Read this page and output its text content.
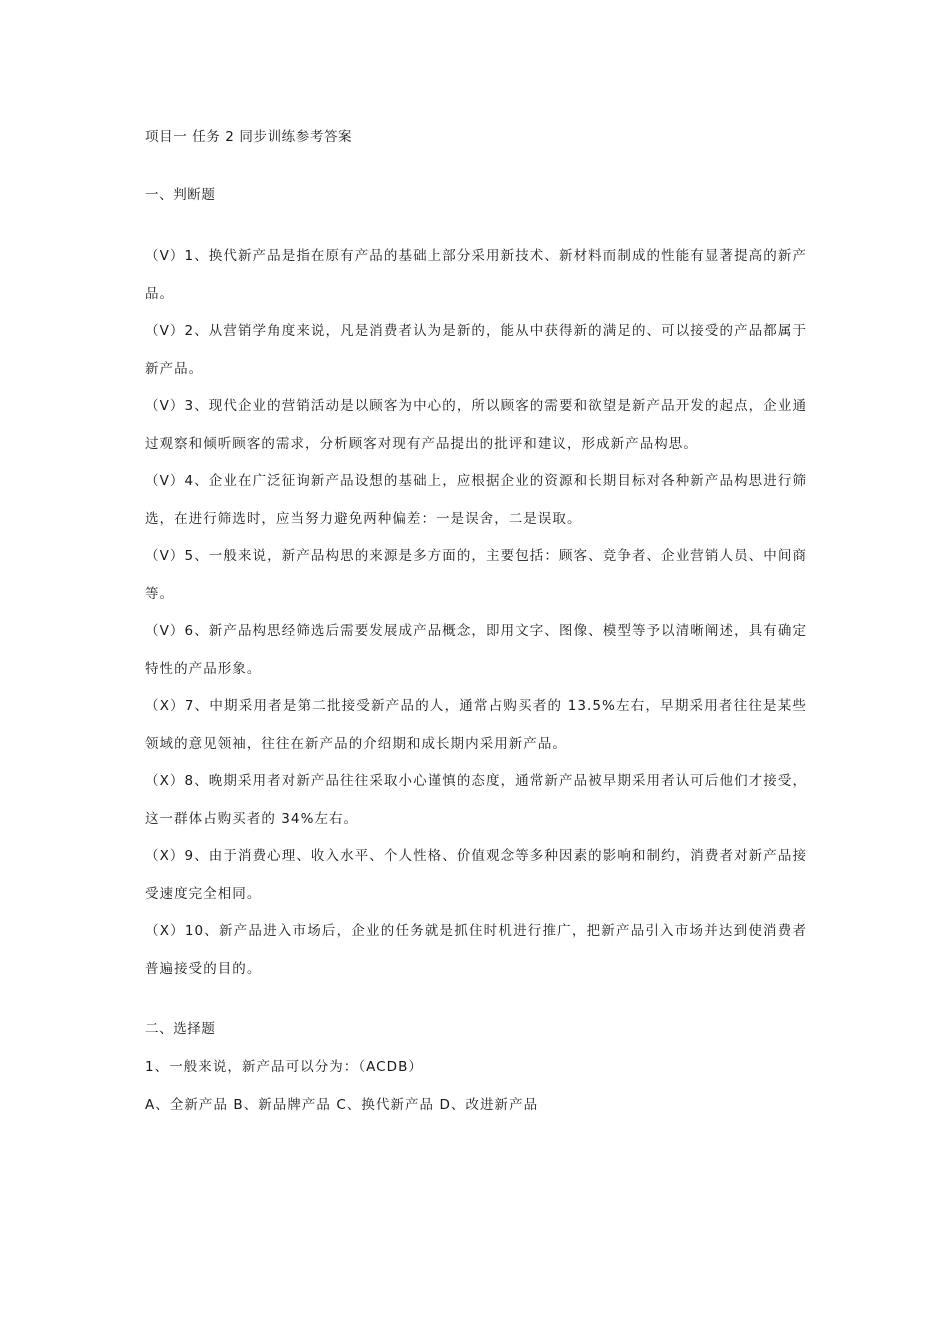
项目一 任务 2 同步训练参考答案

一、判断题

（V）1、换代新产品是指在原有产品的基础上部分采用新技术、新材料而制成的性能有显著提高的新产品。
（V）2、从营销学角度来说，凡是消费者认为是新的，能从中获得新的满足的、可以接受的产品都属于新产品。
（V）3、现代企业的营销活动是以顾客为中心的，所以顾客的需要和欲望是新产品开发的起点，企业通过观察和倾听顾客的需求，分析顾客对现有产品提出的批评和建议，形成新产品构思。
（V）4、企业在广泛征询新产品设想的基础上，应根据企业的资源和长期目标对各种新产品构思进行筛选，在进行筛选时，应当努力避免两种偏差：一是误舍，二是误取。
（V）5、一般来说，新产品构思的来源是多方面的，主要包括：顾客、竞争者、企业营销人员、中间商等。
（V）6、新产品构思经筛选后需要发展成产品概念，即用文字、图像、模型等予以清晰阐述，具有确定特性的产品形象。
（X）7、中期采用者是第二批接受新产品的人，通常占购买者的 13.5%左右，早期采用者往往是某些领域的意见领袖，往往在新产品的介绍期和成长期内采用新产品。
（X）8、晚期采用者对新产品往往采取小心谨慎的态度，通常新产品被早期采用者认可后他们才接受，这一群体占购买者的 34%左右。
（X）9、由于消费心理、收入水平、个人性格、价值观念等多种因素的影响和制约，消费者对新产品接受速度完全相同。
（X）10、新产品进入市场后，企业的任务就是抓住时机进行推广，把新产品引入市场并达到使消费者普遍接受的目的。

二、选择题

1、一般来说，新产品可以分为：（ACDB）

A、全新产品 B、新品牌产品 C、换代新产品 D、改进新产品
